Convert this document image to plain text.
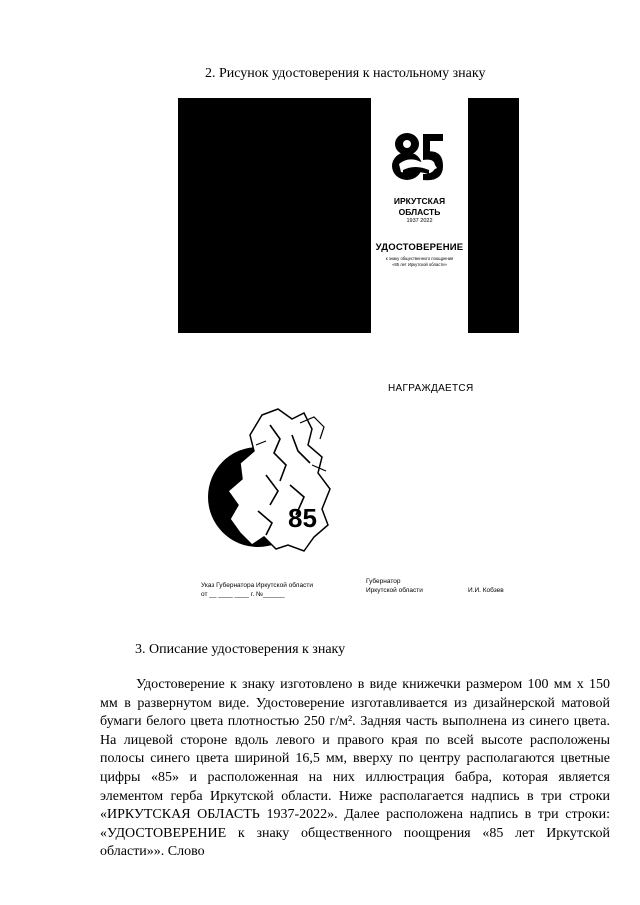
2. Рисунок удостоверения к настольному знаку
ИРКУТСКАЯ
ОБЛАСТЬ
1937 2022
УДОСТОВЕРЕНИЕ
к знаку общественного поощрения
«85 лет Иркутской области»
НАГРАЖДАЕТСЯ
85
Указ Губернатора Иркутской области
от __ ____ ____ г. №______
Губернатор
Иркутской области	И.И. Кобзев
3. Описание удостоверения к знаку
Удостоверение к знаку изготовлено в виде книжечки размером 100 мм х 150 мм в развернутом виде. Удостоверение изготавливается из дизайнерской матовой бумаги белого цвета плотностью 250 г/м². Задняя часть выполнена из синего цвета. На лицевой стороне вдоль левого и правого края по всей высоте расположены полосы синего цвета шириной 16,5 мм, вверху по центру располагаются цветные цифры «85» и расположенная на них иллюстрация бабра, которая является элементом герба Иркутской области. Ниже располагается надпись в три строки «ИРКУТСКАЯ ОБЛАСТЬ 1937-2022». Далее расположена надпись в три строки: «УДОСТОВЕРЕНИЕ к знаку общественного поощрения «85 лет Иркутской области»». Слово
